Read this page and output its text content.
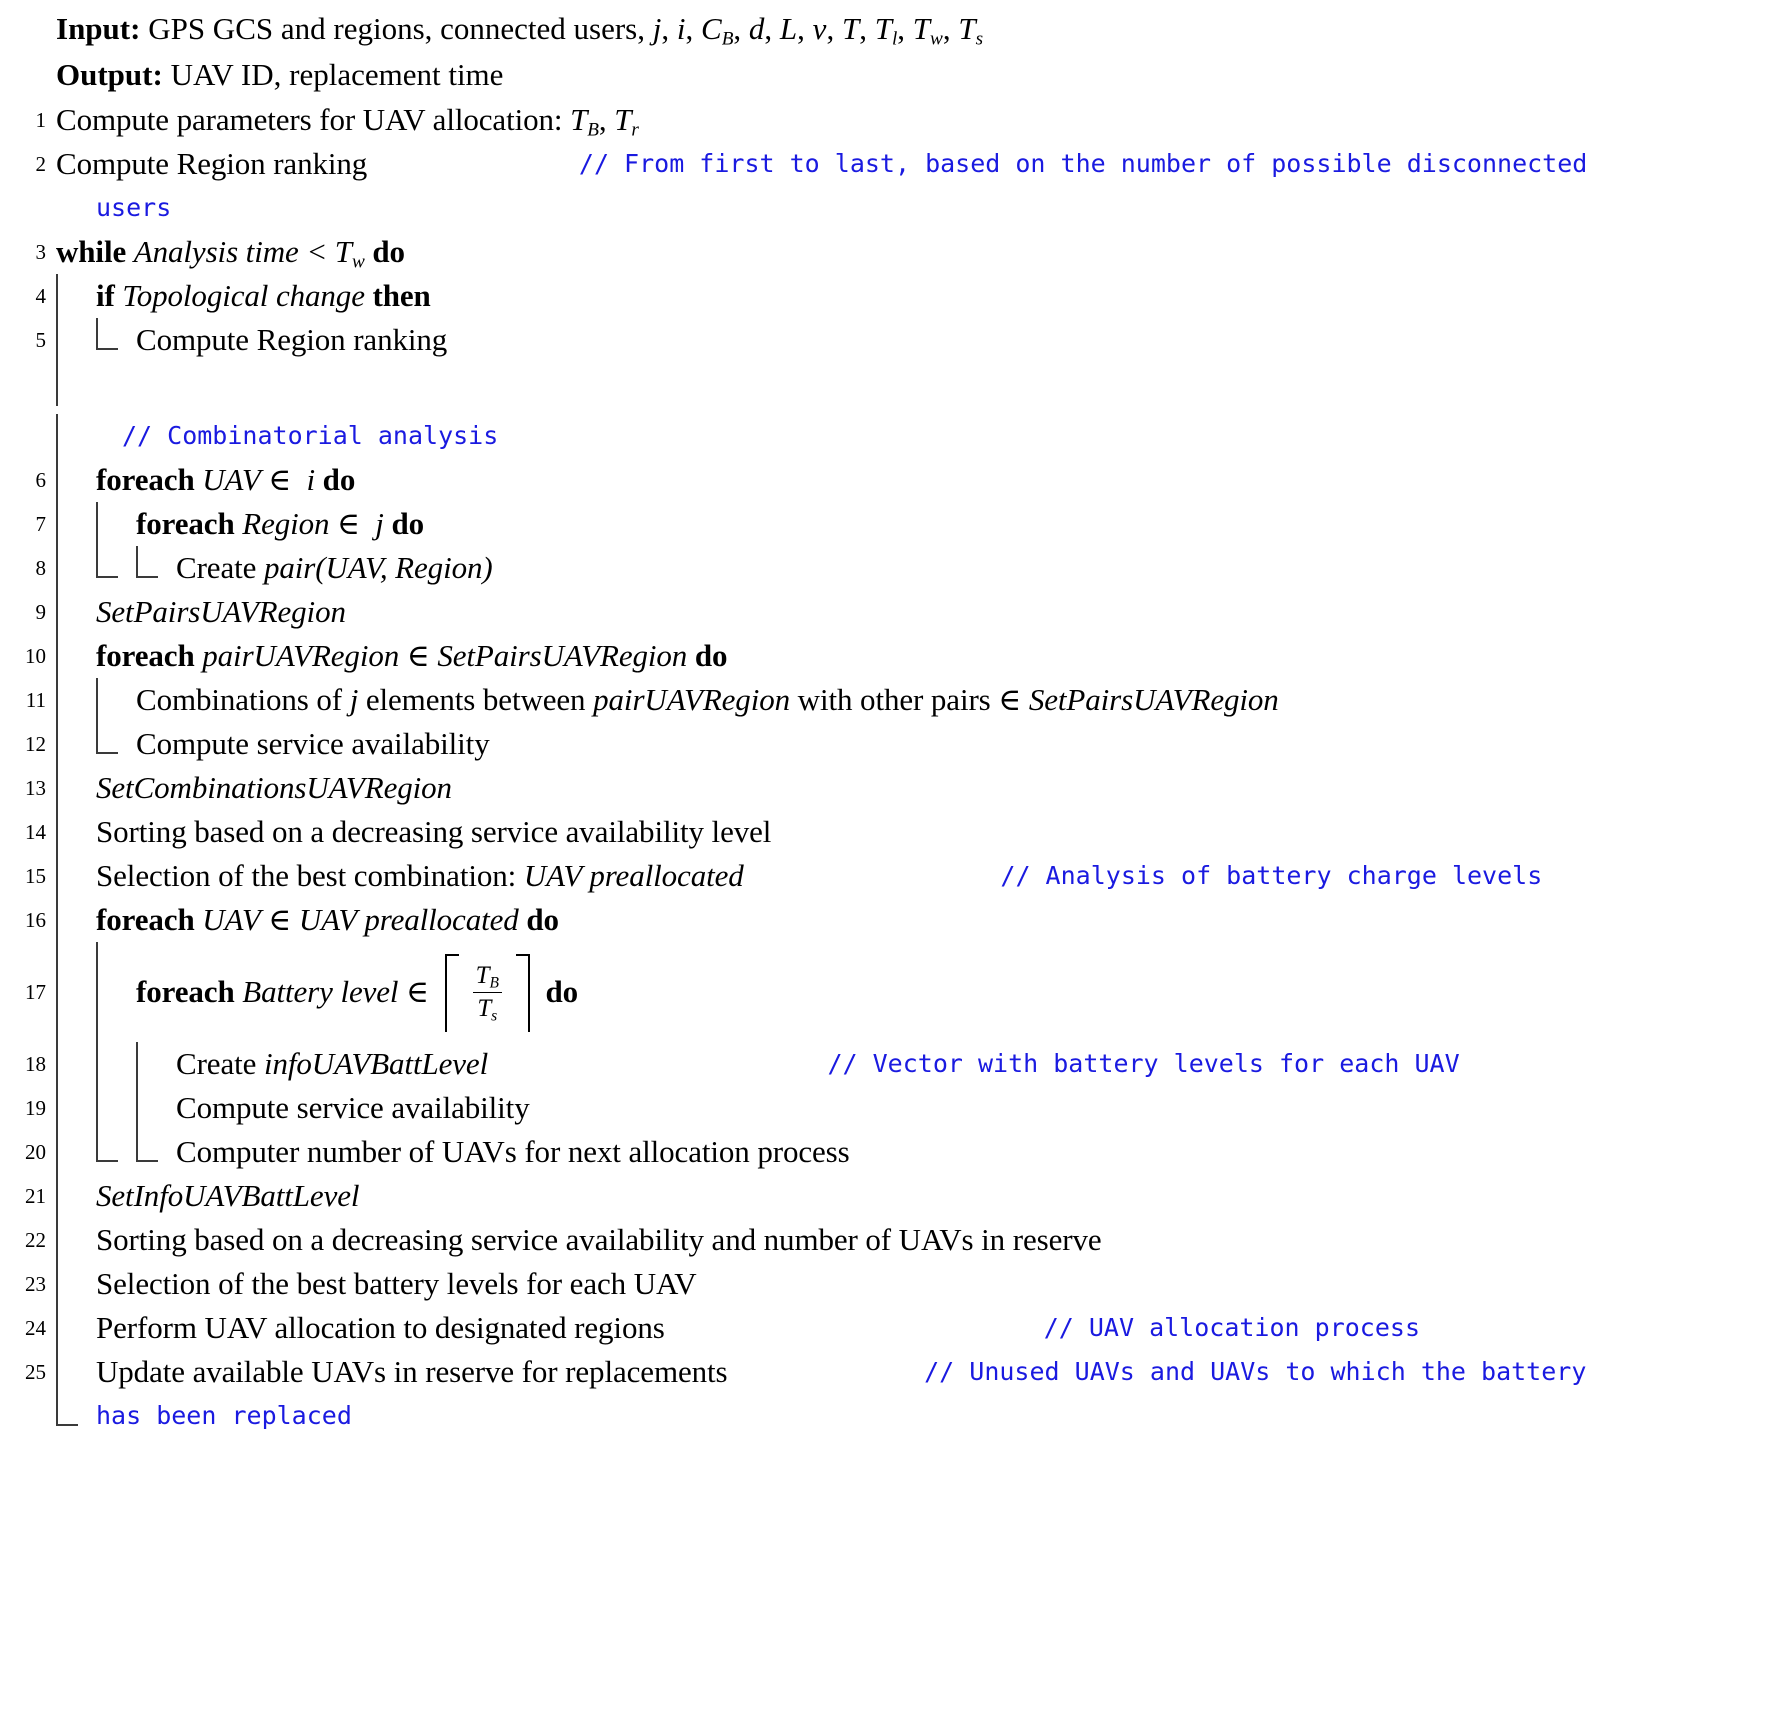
Input: GPS GCS and regions, connected users, j, i, $C_B$, d, L, v, T, $T_l$, $T_w$, $T_s$
Output: UAV ID, replacement time
1 Compute parameters for UAV allocation: $T_B$, $T_r$
2 Compute Region ranking	// From first to last, based on the number of possible disconnected
users
3 while Analysis time < $T_w$ do
4	if Topological change then
5	Compute Region ranking

// Combinatorial analysis
6	foreach UAV ∈ i do
7	foreach Region ∈ j do
8	Create pair(UAV, Region)
9	SetPairsUAVRegion
10	foreach pairUAVRegion ∈ SetPairsUAVRegion do
11	Combinations of j elements between pairUAVRegion with other pairs ∈ SetPairsUAVRegion
12	Compute service availability
13	SetCombinationsUAVRegion
14	Sorting based on a decreasing service availability level
15	Selection of the best combination: UAV preallocated	// Analysis of battery charge levels
16	foreach UAV ∈ UAV preallocated do
17	foreach Battery level ∈ $\frac{T_B}{T_s}$ do
18	Create infoUAVBattLevel	// Vector with battery levels for each UAV
19	Compute service availability
20	Computer number of UAVs for next allocation process
21	SetInfoUAVBattLevel
22	Sorting based on a decreasing service availability and number of UAVs in reserve
23	Selection of the best battery levels for each UAV
24	Perform UAV allocation to designated regions	// UAV allocation process
25	Update available UAVs in reserve for replacements	// Unused UAVs and UAVs to which the battery
has been replaced
